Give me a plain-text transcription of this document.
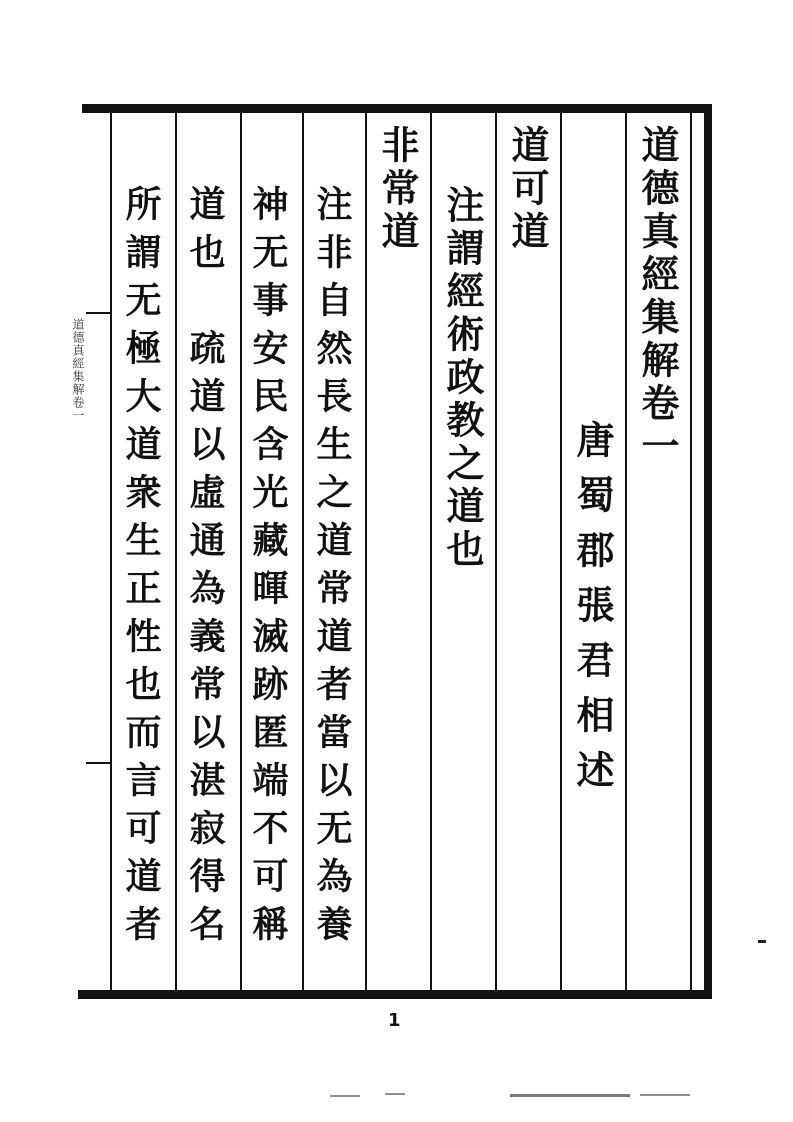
道德真經集解卷一	道德真經集解卷一
唐蜀郡張君相述
道可道
注謂經術政教之道也
非常道
注非自然長生之道常道者當以无為養
神无事安民含光藏暉滅跡匿端不可稱
道也　疏道以虛通為義常以湛寂得名
所謂无極大道衆生正性也而言可道者
1
